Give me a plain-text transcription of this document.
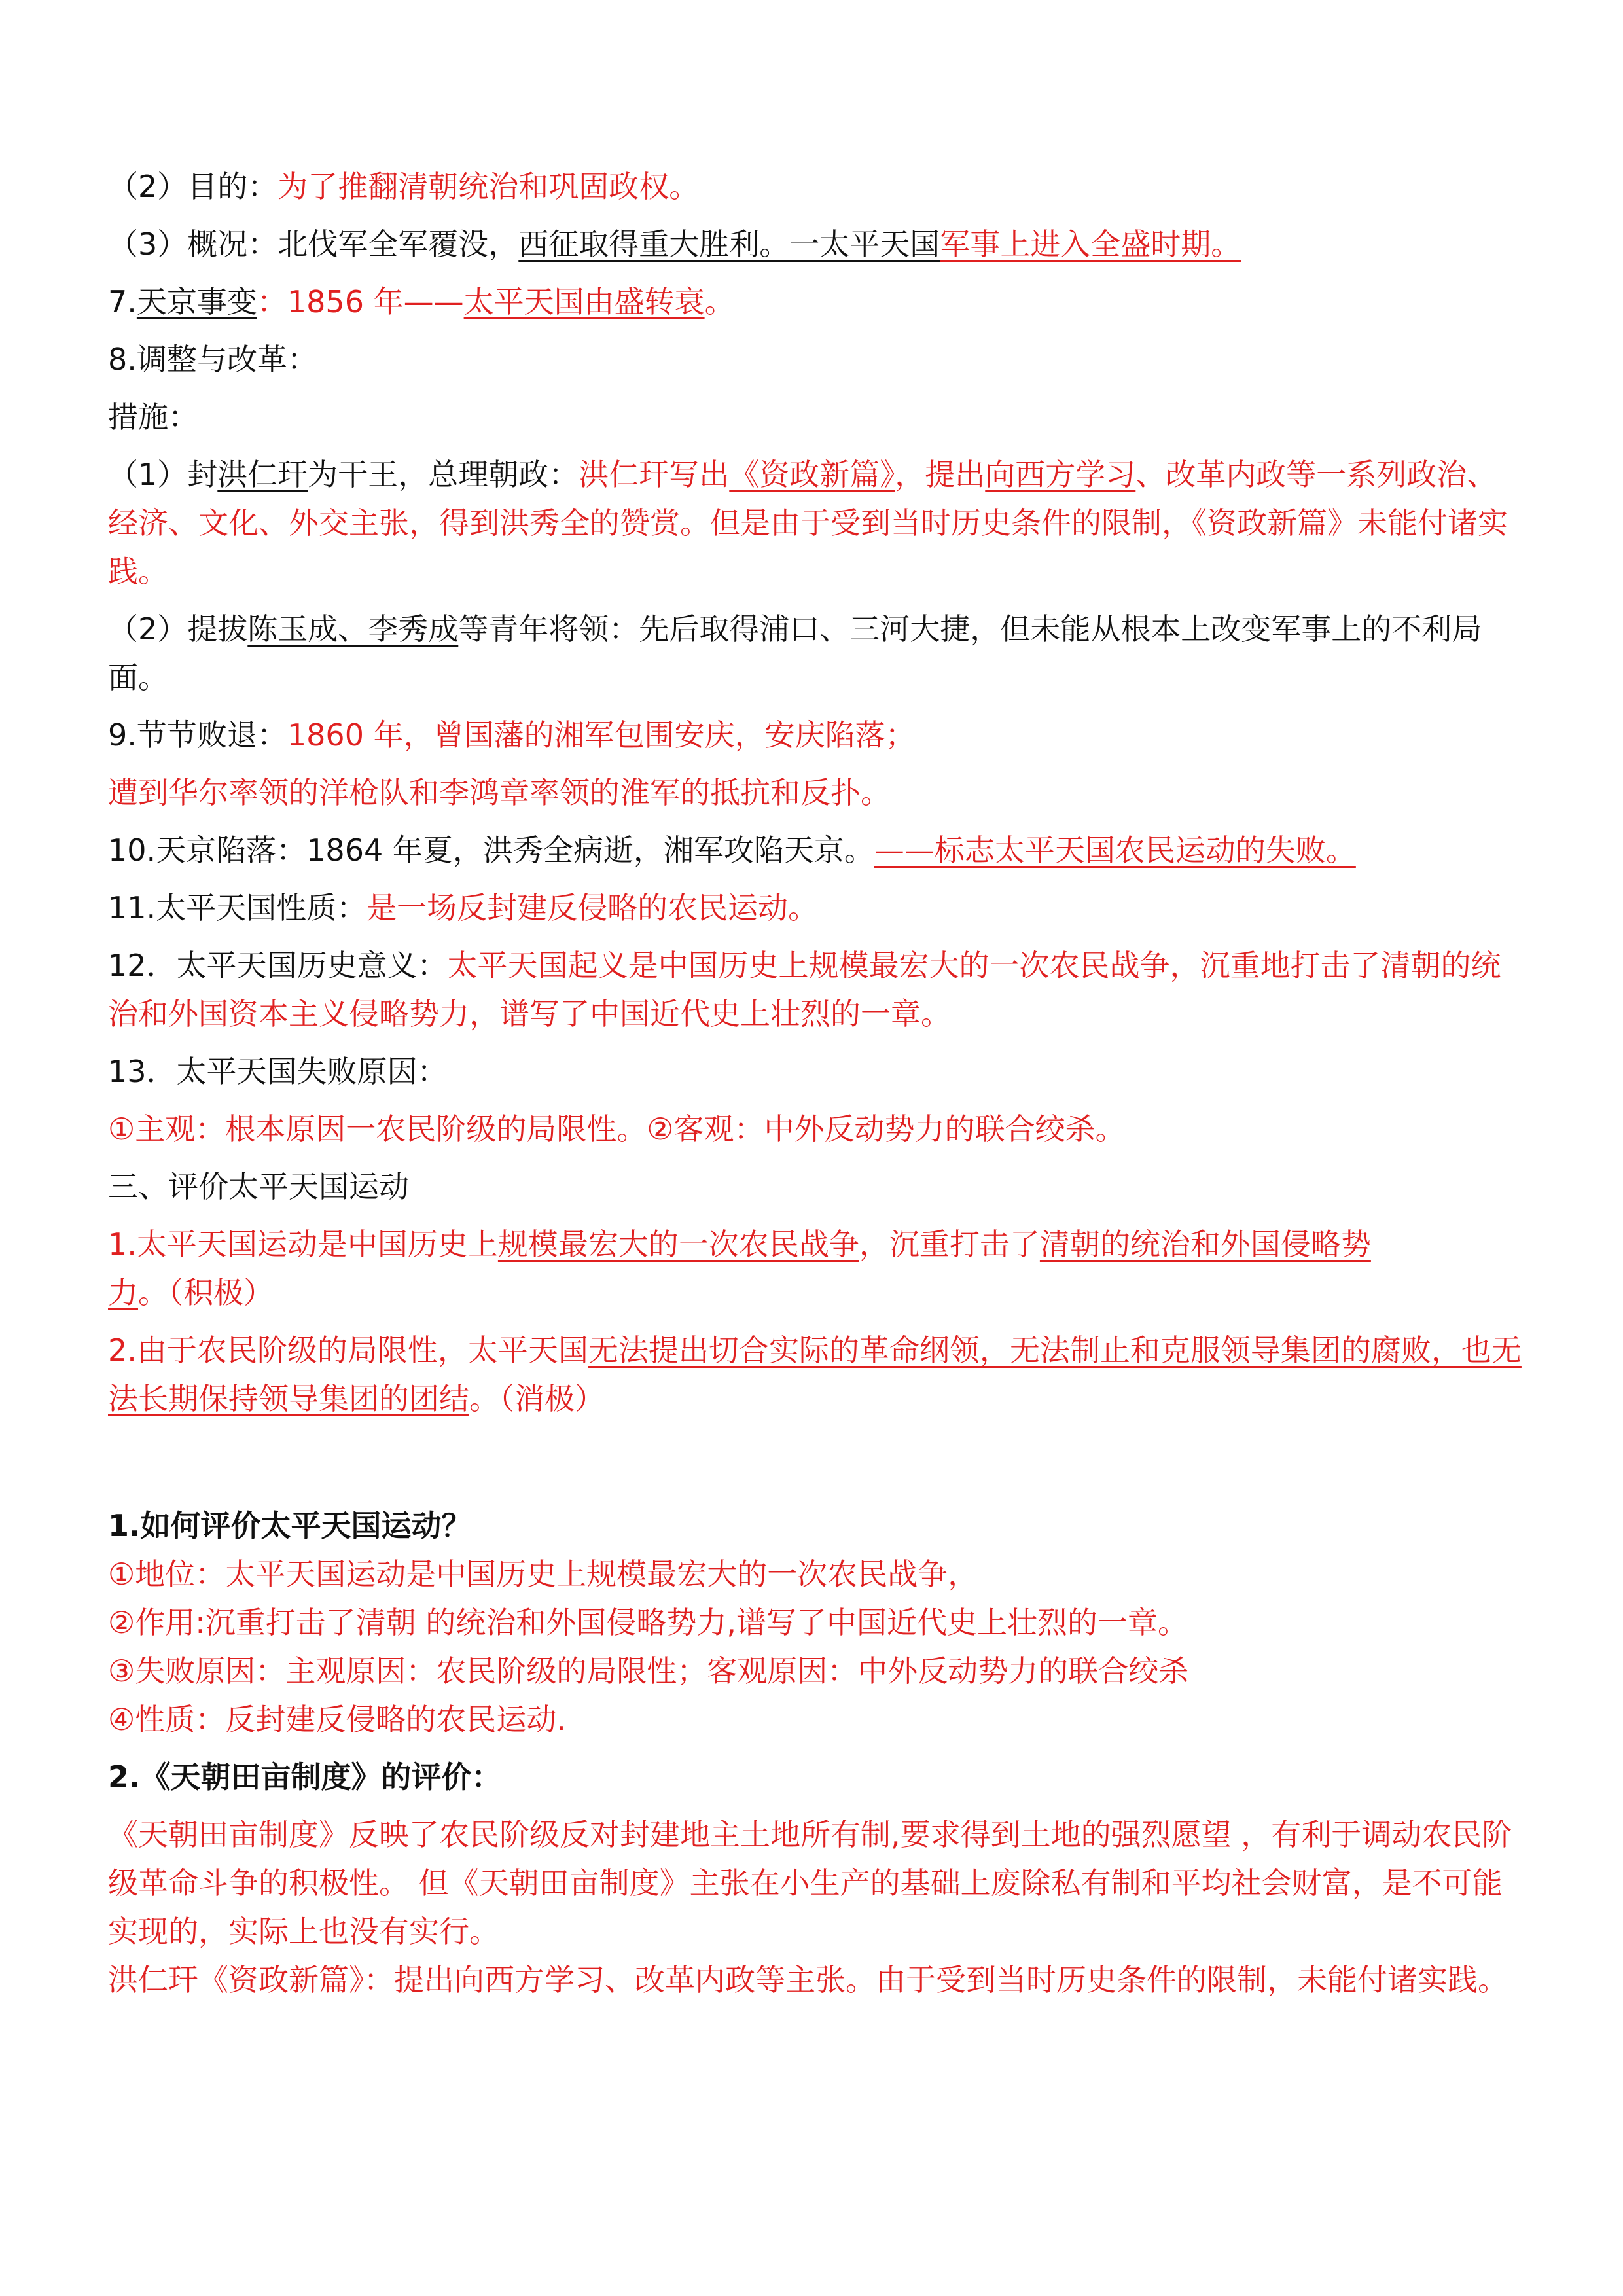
（2）目的：为了推翻清朝统治和巩固政权。

（3）概况：北伐军全军覆没，西征取得重大胜利。一太平天国军事上进入全盛时期。

7.天京事变：1856 年——太平天国由盛转衰。

8.调整与改革：

措施：

（1）封洪仁玕为干王，总理朝政：洪仁玕写出《资政新篇》，提出向西方学习、改革内政等一系列政治、经济、文化、外交主张，得到洪秀全的赞赏。但是由于受到当时历史条件的限制，《资政新篇》未能付诸实践。

（2）提拔陈玉成、李秀成等青年将领：先后取得浦口、三河大捷，但未能从根本上改变军事上的不利局面。

9.节节败退：1860 年，曾国藩的湘军包围安庆，安庆陷落；

遭到华尔率领的洋枪队和李鸿章率领的淮军的抵抗和反扑。

10.天京陷落：1864 年夏，洪秀全病逝，湘军攻陷天京。——标志太平天国农民运动的失败。

11.太平天国性质：是一场反封建反侵略的农民运动。

12．太平天国历史意义：太平天国起义是中国历史上规模最宏大的一次农民战争，沉重地打击了清朝的统治和外国资本主义侵略势力，谱写了中国近代史上壮烈的一章。

13．太平天国失败原因：

①主观：根本原因一农民阶级的局限性。②客观：中外反动势力的联合绞杀。

三、评价太平天国运动

1.太平天国运动是中国历史上规模最宏大的一次农民战争，沉重打击了清朝的统治和外国侵略势力。（积极）

2.由于农民阶级的局限性，太平天国无法提出切合实际的革命纲领，无法制止和克服领导集团的腐败，也无法长期保持领导集团的团结。（消极）

1.如何评价太平天国运动？

①地位：太平天国运动是中国历史上规模最宏大的一次农民战争，

②作用:沉重打击了清朝 的统治和外国侵略势力,谱写了中国近代史上壮烈的一章。

③失败原因：主观原因：农民阶级的局限性；客观原因：中外反动势力的联合绞杀

④性质：反封建反侵略的农民运动.

2.《天朝田亩制度》的评价：

《天朝田亩制度》反映了农民阶级反对封建地主土地所有制,要求得到土地的强烈愿望 ，有利于调动农民阶级革命斗争的积极性。 但《天朝田亩制度》主张在小生产的基础上废除私有制和平均社会财富，是不可能实现的，实际上也没有实行。

洪仁玕《资政新篇》：提出向西方学习、改革内政等主张。由于受到当时历史条件的限制，未能付诸实践。
